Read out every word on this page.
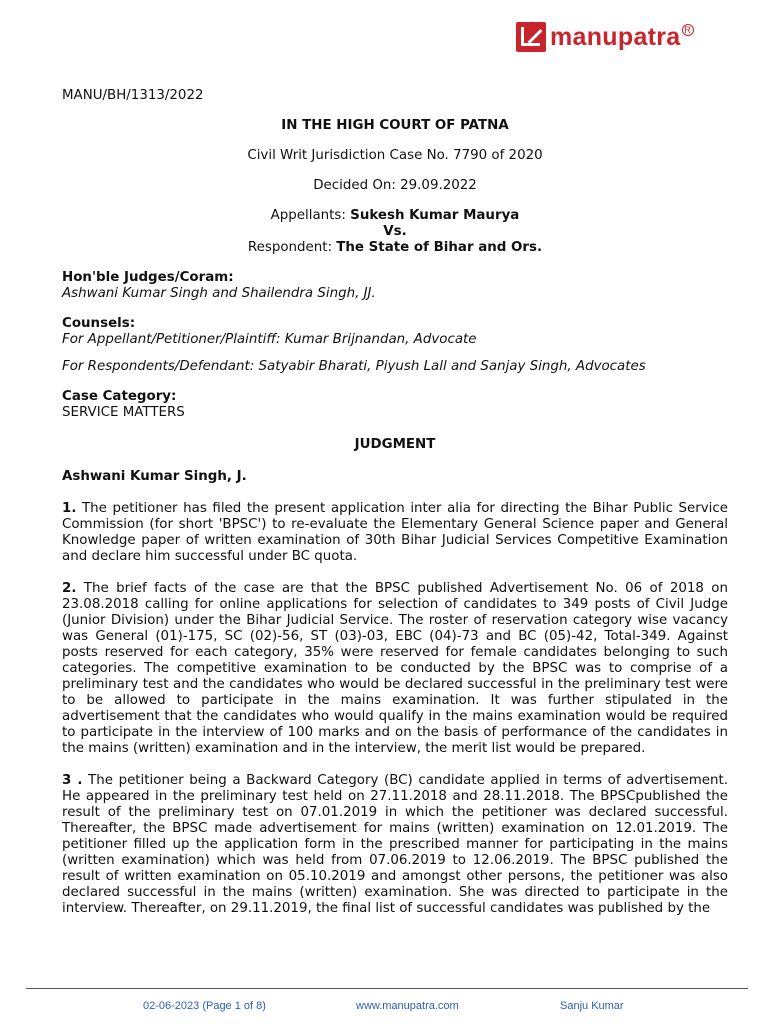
manupatra R

MANU/BH/1313/2022

IN THE HIGH COURT OF PATNA

Civil Writ Jurisdiction Case No. 7790 of 2020

Decided On: 29.09.2022

Appellants: Sukesh Kumar Maurya

Vs.

Respondent: The State of Bihar and Ors.

Hon'ble Judges/Coram:

Ashwani Kumar Singh and Shailendra Singh, JJ.

Counsels:

For Appellant/Petitioner/Plaintiff: Kumar Brijnandan, Advocate

For Respondents/Defendant: Satyabir Bharati, Piyush Lall and Sanjay Singh, Advocates

Case Category:

SERVICE MATTERS

JUDGMENT

Ashwani Kumar Singh, J.

1. The petitioner has filed the present application inter alia for directing the Bihar Public Service Commission (for short 'BPSC') to re-evaluate the Elementary General Science paper and General Knowledge paper of written examination of 30th Bihar Judicial Services Competitive Examination and declare him successful under BC quota.

2. The brief facts of the case are that the BPSC published Advertisement No. 06 of 2018 on 23.08.2018 calling for online applications for selection of candidates to 349 posts of Civil Judge (Junior Division) under the Bihar Judicial Service. The roster of reservation category wise vacancy was General (01)-175, SC (02)-56, ST (03)-03, EBC (04)-73 and BC (05)-42, Total-349. Against posts reserved for each category, 35% were reserved for female candidates belonging to such categories. The competitive examination to be conducted by the BPSC was to comprise of a preliminary test and the candidates who would be declared successful in the preliminary test were to be allowed to participate in the mains examination. It was further stipulated in the advertisement that the candidates who would qualify in the mains examination would be required to participate in the interview of 100 marks and on the basis of performance of the candidates in the mains (written) examination and in the interview, the merit list would be prepared.

3 . The petitioner being a Backward Category (BC) candidate applied in terms of advertisement. He appeared in the preliminary test held on 27.11.2018 and 28.11.2018. The BPSCpublished the result of the preliminary test on 07.01.2019 in which the petitioner was declared successful. Thereafter, the BPSC made advertisement for mains (written) examination on 12.01.2019. The petitioner filled up the application form in the prescribed manner for participating in the mains (written examination) which was held from 07.06.2019 to 12.06.2019. The BPSC published the result of written examination on 05.10.2019 and amongst other persons, the petitioner was also declared successful in the mains (written) examination. She was directed to participate in the interview. Thereafter, on 29.11.2019, the final list of successful candidates was published by the

02-06-2023 (Page 1 of 8)	www.manupatra.com	Sanju Kumar
